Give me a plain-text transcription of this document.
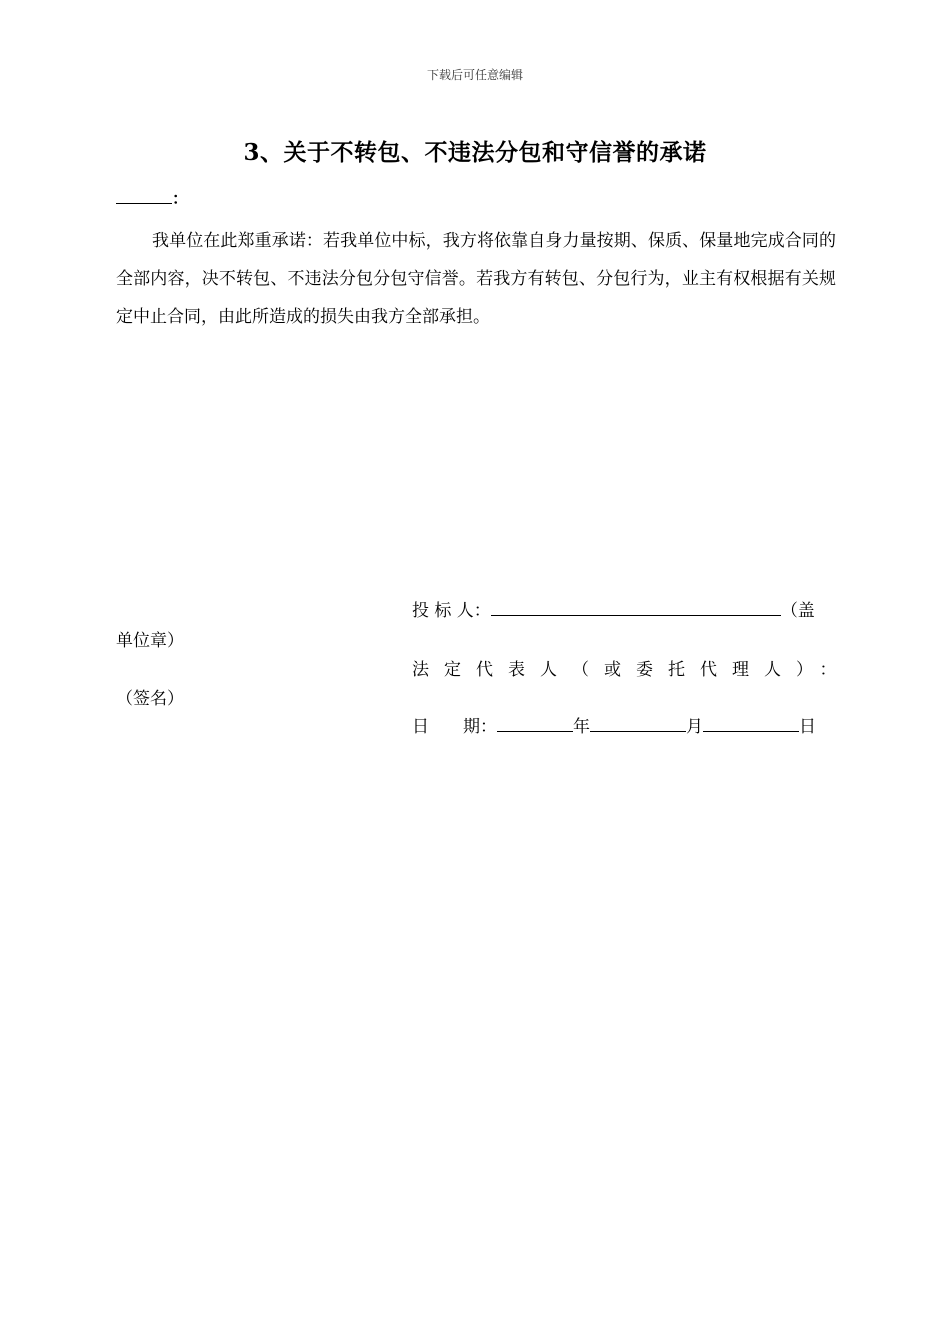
下载后可任意编辑
3、关于不转包、不违法分包和守信誉的承诺
：
我单位在此郑重承诺：若我单位中标，我方将依靠自身力量按期、保质、保量地完成合同的全部内容，决不转包、不违法分包分包守信誉。若我方有转包、分包行为，业主有权根据有关规定中止合同，由此所造成的损失由我方全部承担。
投 标 人：	（盖
单位章）
法定代表人（或委托代理人）：
（签名）
日　　期：	年	月	日
